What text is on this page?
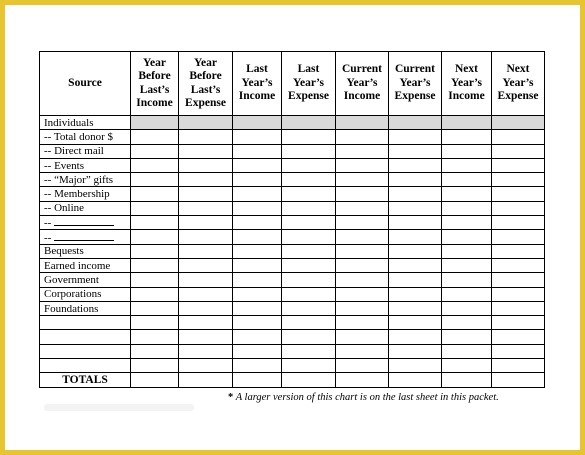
Source	Year Before Last’s Income	Year Before Last’s Expense	Last Year’s Income	Last Year’s Expense	Current Year’s Income	Current Year’s Expense	Next Year’s Income	Next Year’s Expense
Individuals								
-- Total donor $								
-- Direct mail								
-- Events								
-- “Major” gifts								
-- Membership								
-- Online								
--								
--								
Bequests								
Earned income								
Government								
Corporations								
Foundations								

TOTALS								
* A larger version of this chart is on the last sheet in this packet.
